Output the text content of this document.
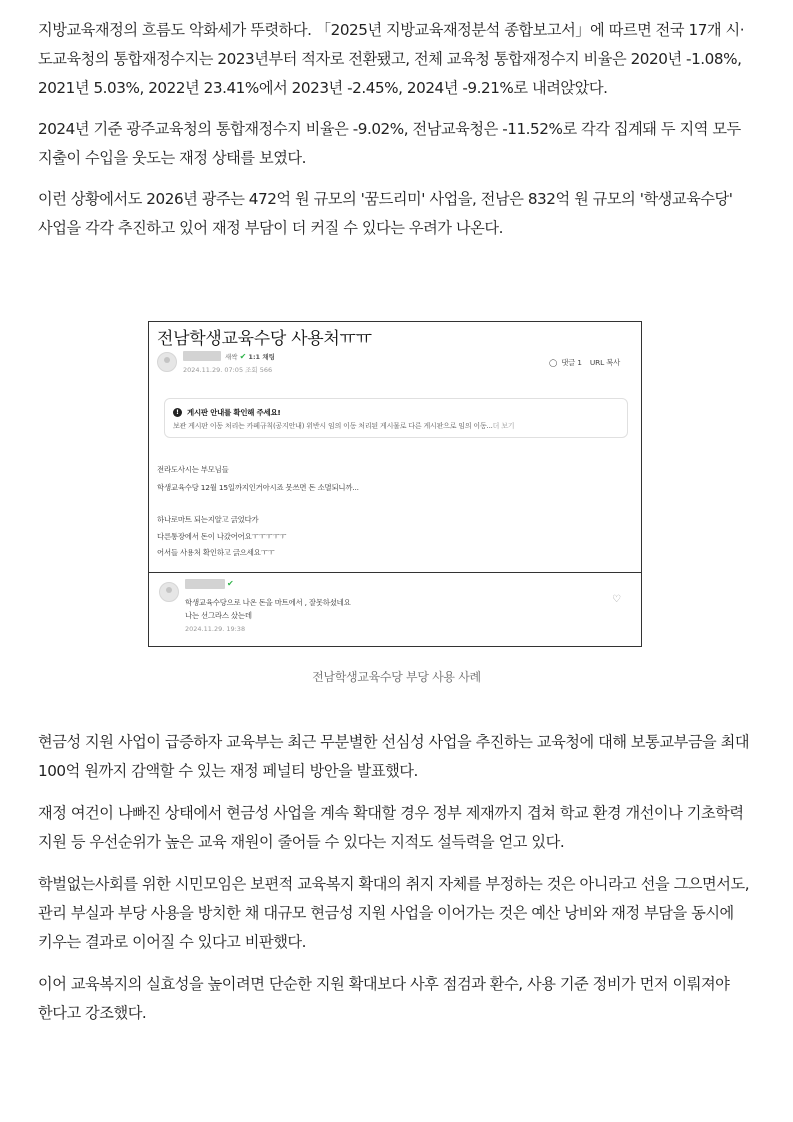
지방교육재정의 흐름도 악화세가 뚜렷하다. 「2025년 지방교육재정분석 종합보고서」에 따르면 전국 17개 시·도교육청의 통합재정수지는 2023년부터 적자로 전환됐고, 전체 교육청 통합재정수지 비율은 2020년 -1.08%, 2021년 5.03%, 2022년 23.41%에서 2023년 -2.45%, 2024년 -9.21%로 내려앉았다.

2024년 기준 광주교육청의 통합재정수지 비율은 -9.02%, 전남교육청은 -11.52%로 각각 집계돼 두 지역 모두 지출이 수입을 웃도는 재정 상태를 보였다.

이런 상황에서도 2026년 광주는 472억 원 규모의 '꿈드리미' 사업을, 전남은 832억 원 규모의 '학생교육수당' 사업을 각각 추진하고 있어 재정 부담이 더 커질 수 있다는 우려가 나온다.

전남학생교육수당 사용처ㅠㅠ
새싹 ✔ 1:1 채팅
2024.11.29. 07:05 조회 566
◯ 댓글 1 URL 복사
!	게시판 안내를 확인해 주세요!
보관 게시판 이동 처리는 카페규칙(공지안내) 위반시 임의 이동 처리된 게시물로 다른 게시판으로 임의 이동...더 보기
전라도사시는 부모님들
학생교육수당 12월 15일까지인거아시죠 못쓰면 돈 소멸되니까...
하나로마트 되는지알고 긁었다가
다른통장에서 돈이 나갔어어요ㅜㅜㅜㅜㅜ
어서들 사용처 확인하고 긁으세요ㅜㅜ
✔
학생교육수당으로 나온 돈을 마트에서 , 잘못하셨네요
나는 선그라스 샀는데
2024.11.29. 19:38
♡
전남학생교육수당 부당 사용 사례

현금성 지원 사업이 급증하자 교육부는 최근 무분별한 선심성 사업을 추진하는 교육청에 대해 보통교부금을 최대 100억 원까지 감액할 수 있는 재정 페널티 방안을 발표했다.

재정 여건이 나빠진 상태에서 현금성 사업을 계속 확대할 경우 정부 제재까지 겹쳐 학교 환경 개선이나 기초학력 지원 등 우선순위가 높은 교육 재원이 줄어들 수 있다는 지적도 설득력을 얻고 있다.

학벌없는사회를 위한 시민모임은 보편적 교육복지 확대의 취지 자체를 부정하는 것은 아니라고 선을 그으면서도, 관리 부실과 부당 사용을 방치한 채 대규모 현금성 지원 사업을 이어가는 것은 예산 낭비와 재정 부담을 동시에 키우는 결과로 이어질 수 있다고 비판했다.

이어 교육복지의 실효성을 높이려면 단순한 지원 확대보다 사후 점검과 환수, 사용 기준 정비가 먼저 이뤄져야 한다고 강조했다.
